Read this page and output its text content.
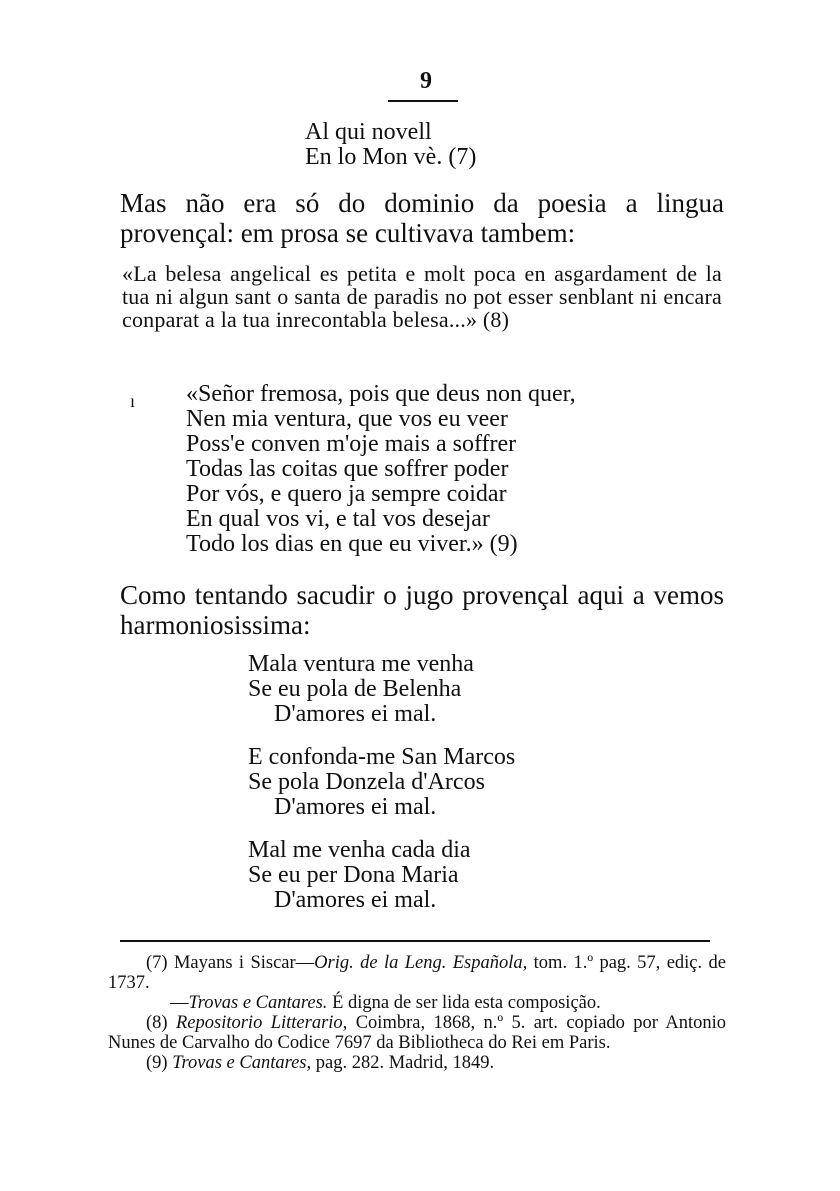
9
Al qui novell
En lo Mon vè. (7)

Mas não era só do dominio da poesia a lingua provençal: em prosa se cultivava tambem:

«La belesa angelical es petita e molt poca en asgardament de la tua ni algun sant o santa de paradis no pot esser senblant ni encara conparat a la tua inrecontabla belesa...» (8)

ı «Señor fremosa, pois que deus non quer,
Nen mia ventura, que vos eu veer
Poss'e conven m'oje mais a soffrer
Todas las coitas que soffrer poder
Por vós, e quero ja sempre coidar
En qual vos vi, e tal vos desejar
Todo los dias en que eu viver.» (9)

Como tentando sacudir o jugo provençal aqui a vemos harmoniosissima:

Mala ventura me venha
Se eu pola de Belenha
D'amores ei mal.
E confonda-me San Marcos
Se pola Donzela d'Arcos
D'amores ei mal.
Mal me venha cada dia
Se eu per Dona Maria
D'amores ei mal.

(7) Mayans i Siscar—Orig. de la Leng. Española, tom. 1.º pag. 57, ediç. de 1737.

—Trovas e Cantares. É digna de ser lida esta composição.

(8) Repositorio Litterario, Coimbra, 1868, n.º 5. art. copiado por Antonio Nunes de Carvalho do Codice 7697 da Bibliotheca do Rei em Paris.

(9) Trovas e Cantares, pag. 282. Madrid, 1849.
